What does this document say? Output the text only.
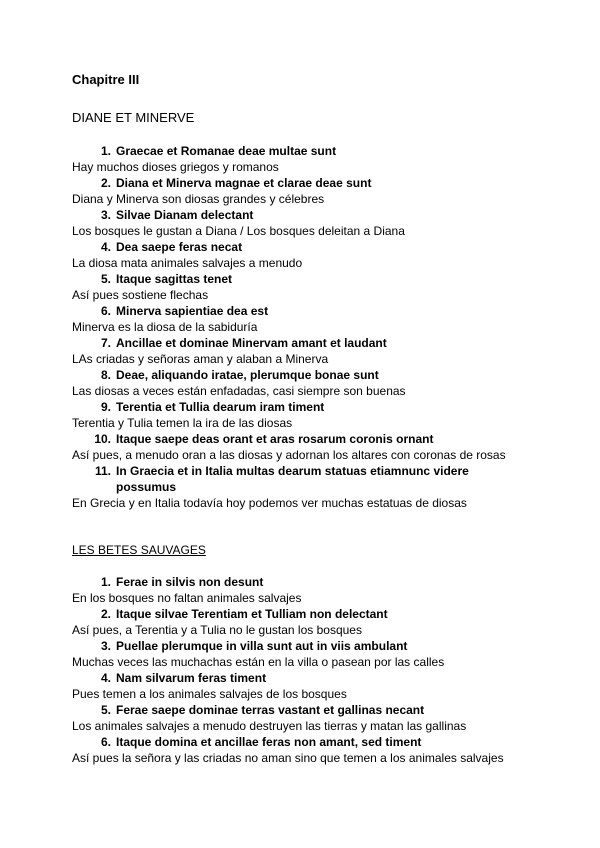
Chapitre III
DIANE ET MINERVE
1. Graecae et Romanae deae multae sunt
Hay muchos dioses griegos y romanos
2. Diana et Minerva magnae et clarae deae sunt
Diana y Minerva son diosas grandes y célebres
3. Silvae Dianam delectant
Los bosques le gustan a Diana / Los bosques deleitan a Diana
4. Dea saepe feras necat
La diosa mata animales salvajes a menudo
5. Itaque sagittas tenet
Así pues sostiene flechas
6. Minerva sapientiae dea est
Minerva es la diosa de la sabiduría
7. Ancillae et dominae Minervam amant et laudant
LAs criadas y señoras aman y alaban a Minerva
8. Deae, aliquando iratae, plerumque bonae sunt
Las diosas a veces están enfadadas, casi siempre son buenas
9. Terentia et Tullia dearum iram timent
Terentia y Tulia temen la ira de las diosas
10. Itaque saepe deas orant et aras rosarum coronis ornant
Así pues, a menudo oran a las diosas y adornan los altares con coronas de rosas
11. In Graecia et in Italia multas dearum statuas etiamnunc videre possumus
En Grecia y en Italia todavía hoy podemos ver muchas estatuas de diosas
LES BETES SAUVAGES
1. Ferae in silvis non desunt
En los bosques no faltan animales salvajes
2. Itaque silvae Terentiam et Tulliam non delectant
Así pues, a Terentia y a Tulia no le gustan los bosques
3. Puellae plerumque in villa sunt aut in viis ambulant
Muchas veces las muchachas están en la villa o pasean por las calles
4. Nam silvarum feras timent
Pues temen a los animales salvajes de los bosques
5. Ferae saepe dominae terras vastant et gallinas necant
Los animales salvajes a menudo destruyen las tierras y matan las gallinas
6. Itaque domina et ancillae feras non amant, sed timent
Así pues la señora y las criadas no aman sino que temen a los animales salvajes
